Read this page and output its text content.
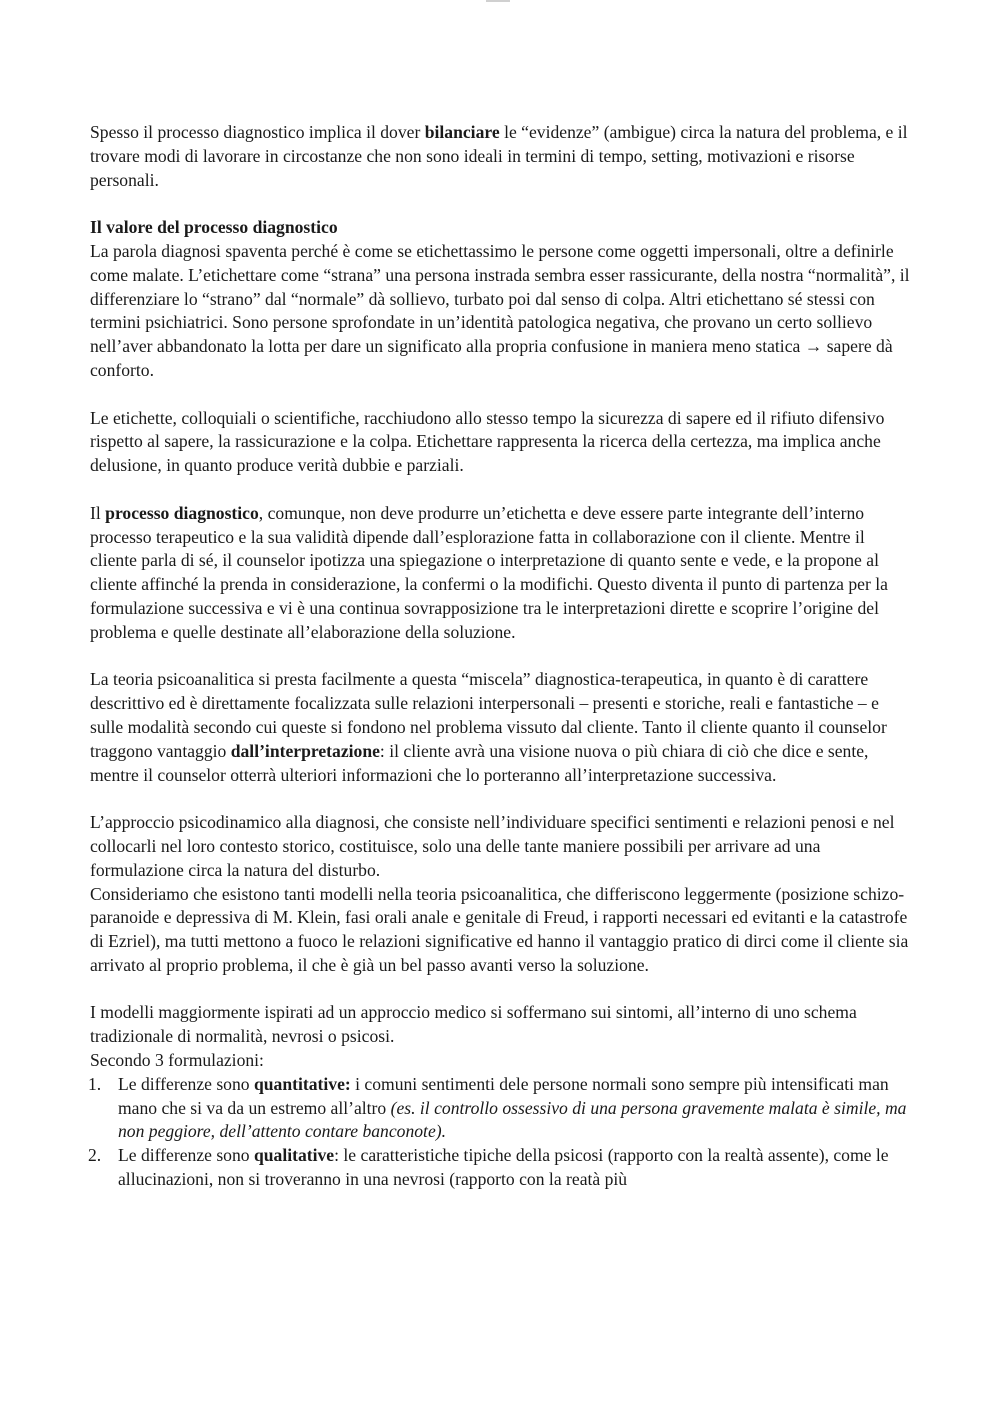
Spesso il processo diagnostico implica il dover bilanciare le “evidenze” (ambigue) circa la natura del problema, e il trovare modi di lavorare in circostanze che non sono ideali in termini di tempo, setting, motivazioni e risorse personali.

Il valore del processo diagnostico

La parola diagnosi spaventa perché è come se etichettassimo le persone come oggetti impersonali, oltre a definirle come malate. L’etichettare come “strana” una persona instrada sembra esser rassicurante, della nostra “normalità”, il differenziare lo “strano” dal “normale” dà sollievo, turbato poi dal senso di colpa. Altri etichettano sé stessi con termini psichiatrici. Sono persone sprofondate in un’identità patologica negativa, che provano un certo sollievo nell’aver abbandonato la lotta per dare un significato alla propria confusione in maniera meno statica → sapere dà conforto.

Le etichette, colloquiali o scientifiche, racchiudono allo stesso tempo la sicurezza di sapere ed il rifiuto difensivo rispetto al sapere, la rassicurazione e la colpa. Etichettare rappresenta la ricerca della certezza, ma implica anche delusione, in quanto produce verità dubbie e parziali.

Il processo diagnostico, comunque, non deve produrre un’etichetta e deve essere parte integrante dell’interno processo terapeutico e la sua validità dipende dall’esplorazione fatta in collaborazione con il cliente. Mentre il cliente parla di sé, il counselor ipotizza una spiegazione o interpretazione di quanto sente e vede, e la propone al cliente affinché la prenda in considerazione, la confermi o la modifichi. Questo diventa il punto di partenza per la formulazione successiva e vi è una continua sovrapposizione tra le interpretazioni dirette e scoprire l’origine del problema e quelle destinate all’elaborazione della soluzione.

La teoria psicoanalitica si presta facilmente a questa “miscela” diagnostica-terapeutica, in quanto è di carattere descrittivo ed è direttamente focalizzata sulle relazioni interpersonali – presenti e storiche, reali e fantastiche – e sulle modalità secondo cui queste si fondono nel problema vissuto dal cliente. Tanto il cliente quanto il counselor traggono vantaggio dall’interpretazione: il cliente avrà una visione nuova o più chiara di ciò che dice e sente, mentre il counselor otterrà ulteriori informazioni che lo porteranno all’interpretazione successiva.

L’approccio psicodinamico alla diagnosi, che consiste nell’individuare specifici sentimenti e relazioni penosi e nel collocarli nel loro contesto storico, costituisce, solo una delle tante maniere possibili per arrivare ad una formulazione circa la natura del disturbo.

Consideriamo che esistono tanti modelli nella teoria psicoanalitica, che differiscono leggermente (posizione schizo-paranoide e depressiva di M. Klein, fasi orali anale e genitale di Freud, i rapporti necessari ed evitanti e la catastrofe di Ezriel), ma tutti mettono a fuoco le relazioni significative ed hanno il vantaggio pratico di dirci come il cliente sia arrivato al proprio problema, il che è già un bel passo avanti verso la soluzione.

I modelli maggiormente ispirati ad un approccio medico si soffermano sui sintomi, all’interno di uno schema tradizionale di normalità, nevrosi o psicosi.

Secondo 3 formulazioni:

1. Le differenze sono quantitative: i comuni sentimenti dele persone normali sono sempre più intensificati man mano che si va da un estremo all’altro (es. il controllo ossessivo di una persona gravemente malata è simile, ma non peggiore, dell’attento contare banconote).
2. Le differenze sono qualitative: le caratteristiche tipiche della psicosi (rapporto con la realtà assente), come le allucinazioni, non si troveranno in una nevrosi (rapporto con la reatà più
